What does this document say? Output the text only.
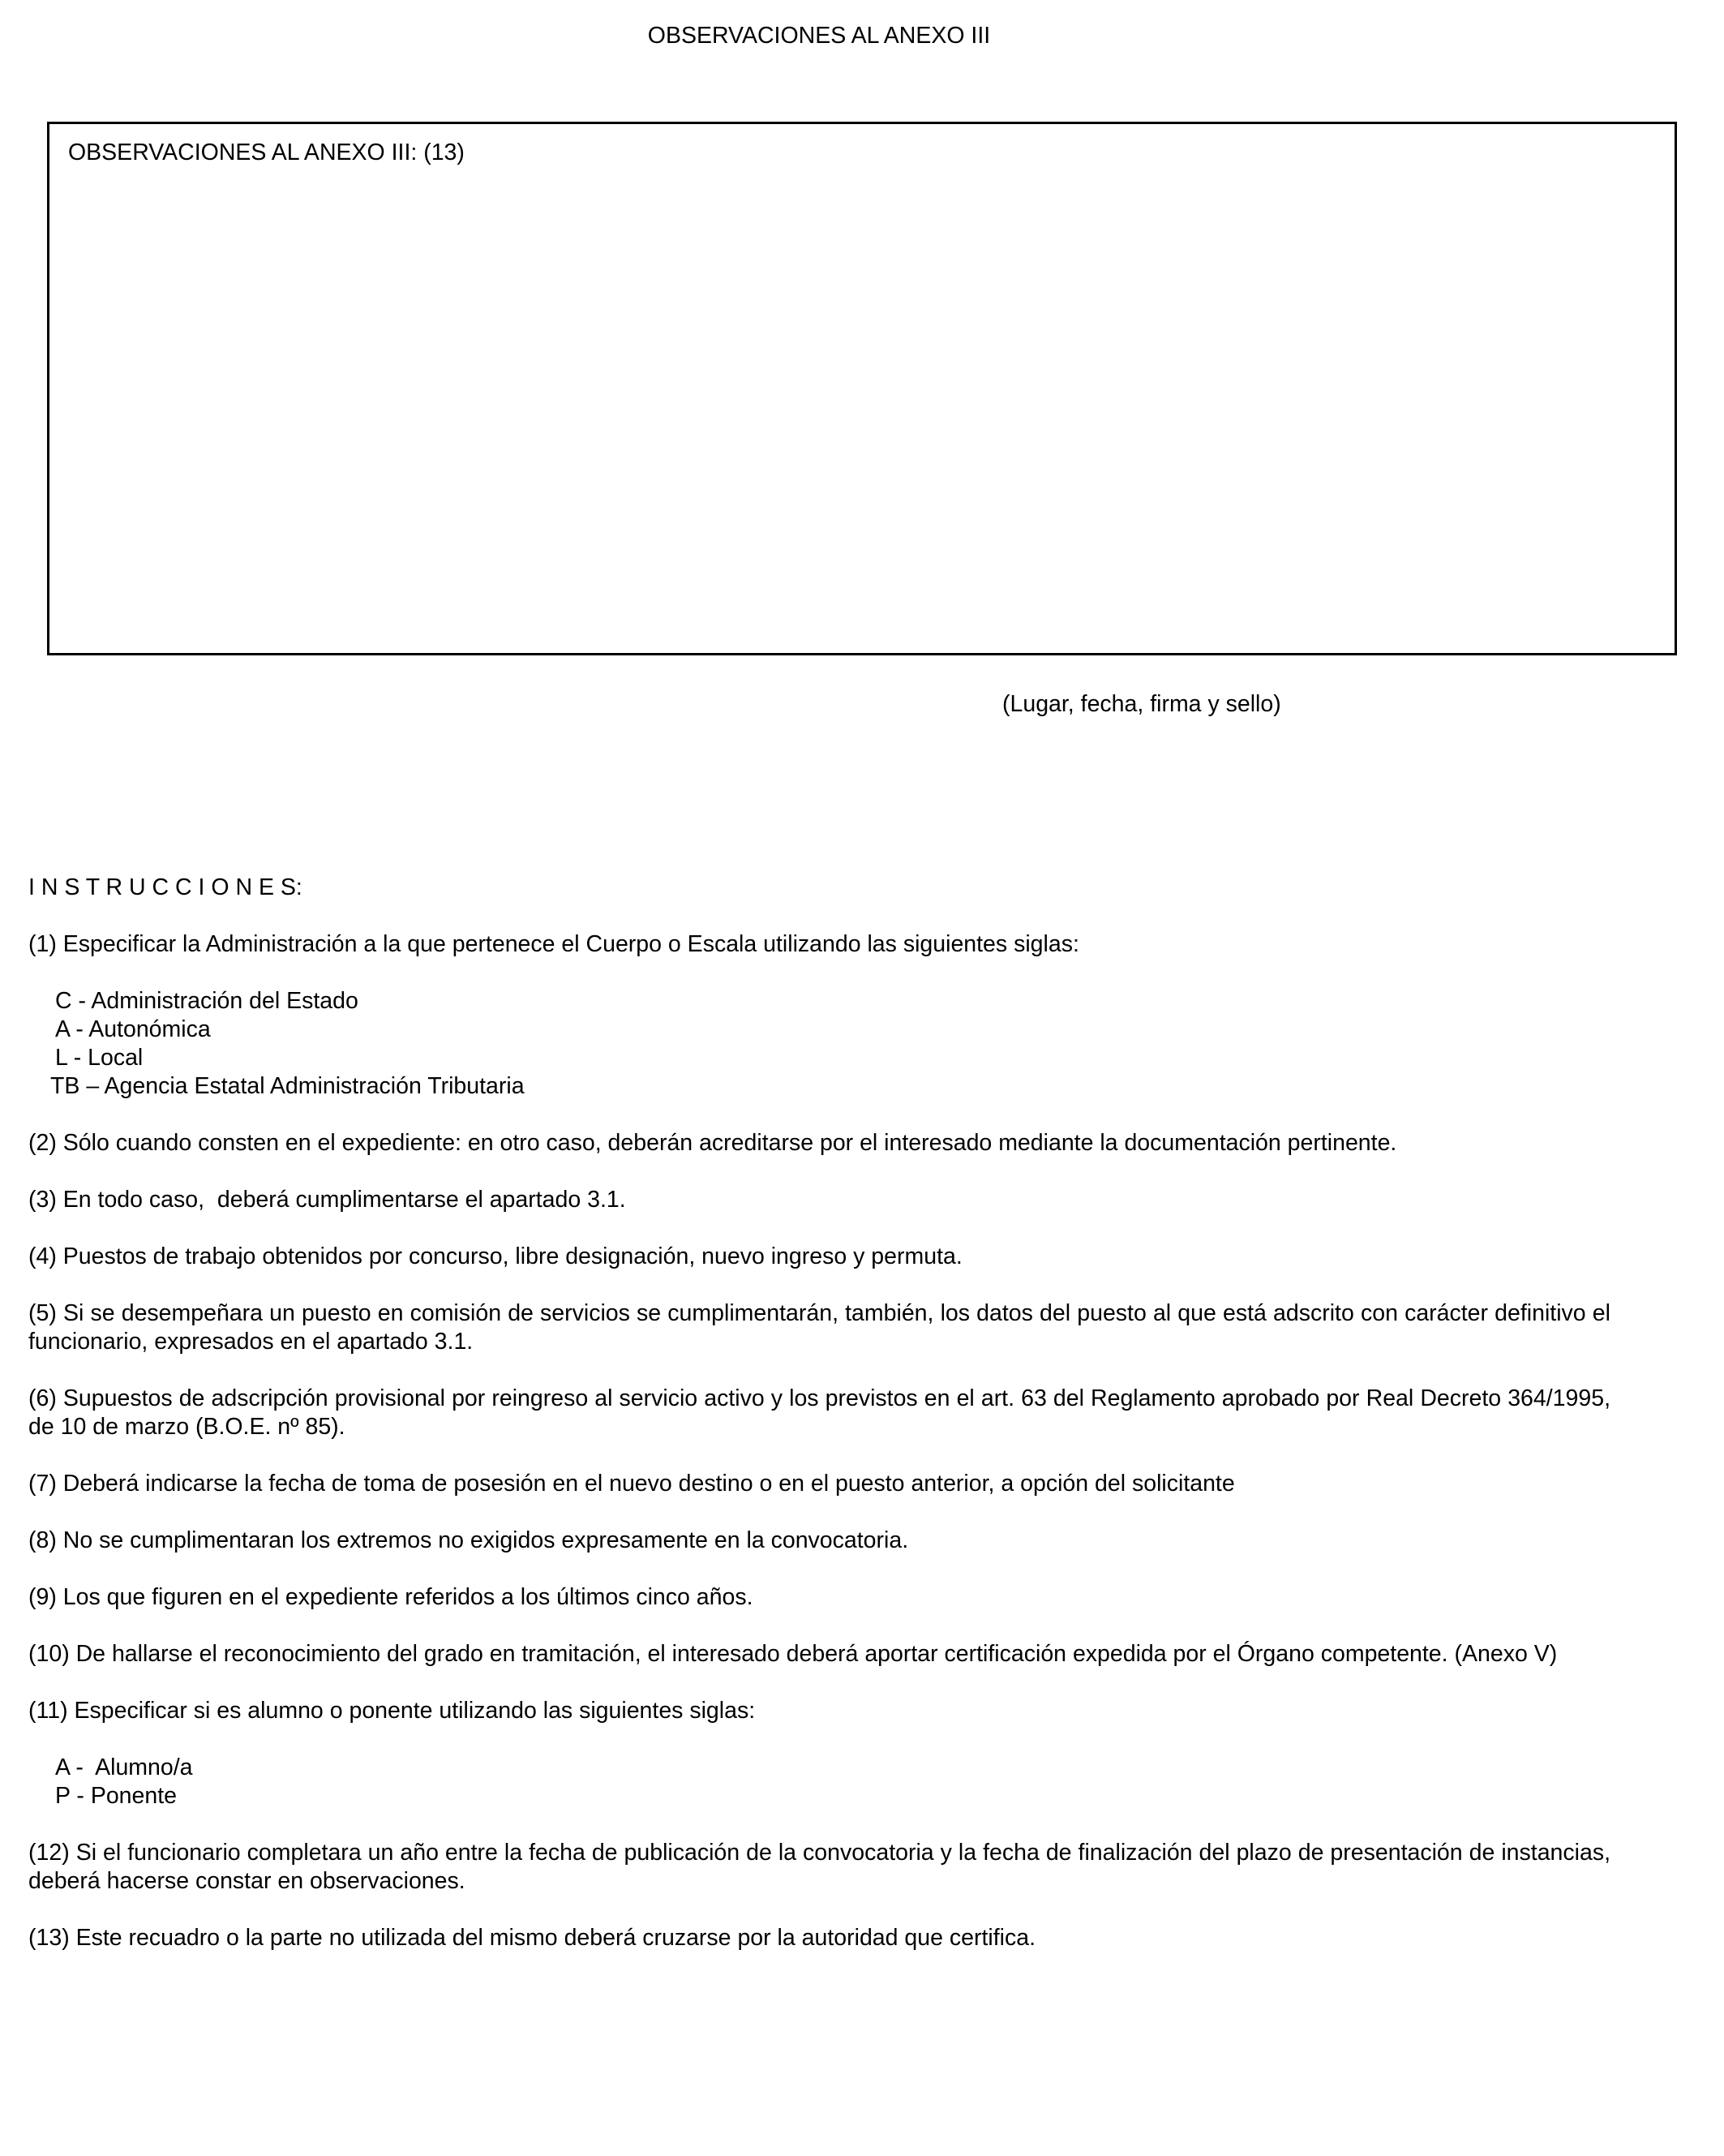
OBSERVACIONES AL ANEXO III
OBSERVACIONES AL ANEXO III: (13)
(Lugar, fecha, firma y sello)
I N S T R U C C I O N E S:
(1) Especificar la Administración a la que pertenece el Cuerpo o Escala utilizando las siguientes siglas:
C - Administración del Estado
A - Autonómica
L - Local
TB – Agencia Estatal Administración Tributaria
(2) Sólo cuando consten en el expediente: en otro caso, deberán acreditarse por el interesado mediante la documentación pertinente.
(3) En todo caso,  deberá cumplimentarse el apartado 3.1.
(4) Puestos de trabajo obtenidos por concurso, libre designación, nuevo ingreso y permuta.
(5) Si se desempeñara un puesto en comisión de servicios se cumplimentarán, también, los datos del puesto al que está adscrito con carácter definitivo el funcionario, expresados en el apartado 3.1.
(6) Supuestos de adscripción provisional por reingreso al servicio activo y los previstos en el art. 63 del Reglamento aprobado por Real Decreto 364/1995, de 10 de marzo (B.O.E. nº 85).
(7) Deberá indicarse la fecha de toma de posesión en el nuevo destino o en el puesto anterior, a opción del solicitante
(8) No se cumplimentaran los extremos no exigidos expresamente en la convocatoria.
(9) Los que figuren en el expediente referidos a los últimos cinco años.
(10) De hallarse el reconocimiento del grado en tramitación, el interesado deberá aportar certificación expedida por el Órgano competente. (Anexo V)
(11) Especificar si es alumno o ponente utilizando las siguientes siglas:
A -  Alumno/a
P - Ponente
(12) Si el funcionario completara un año entre la fecha de publicación de la convocatoria y la fecha de finalización del plazo de presentación de instancias, deberá hacerse constar en observaciones.
(13) Este recuadro o la parte no utilizada del mismo deberá cruzarse por la autoridad que certifica.
